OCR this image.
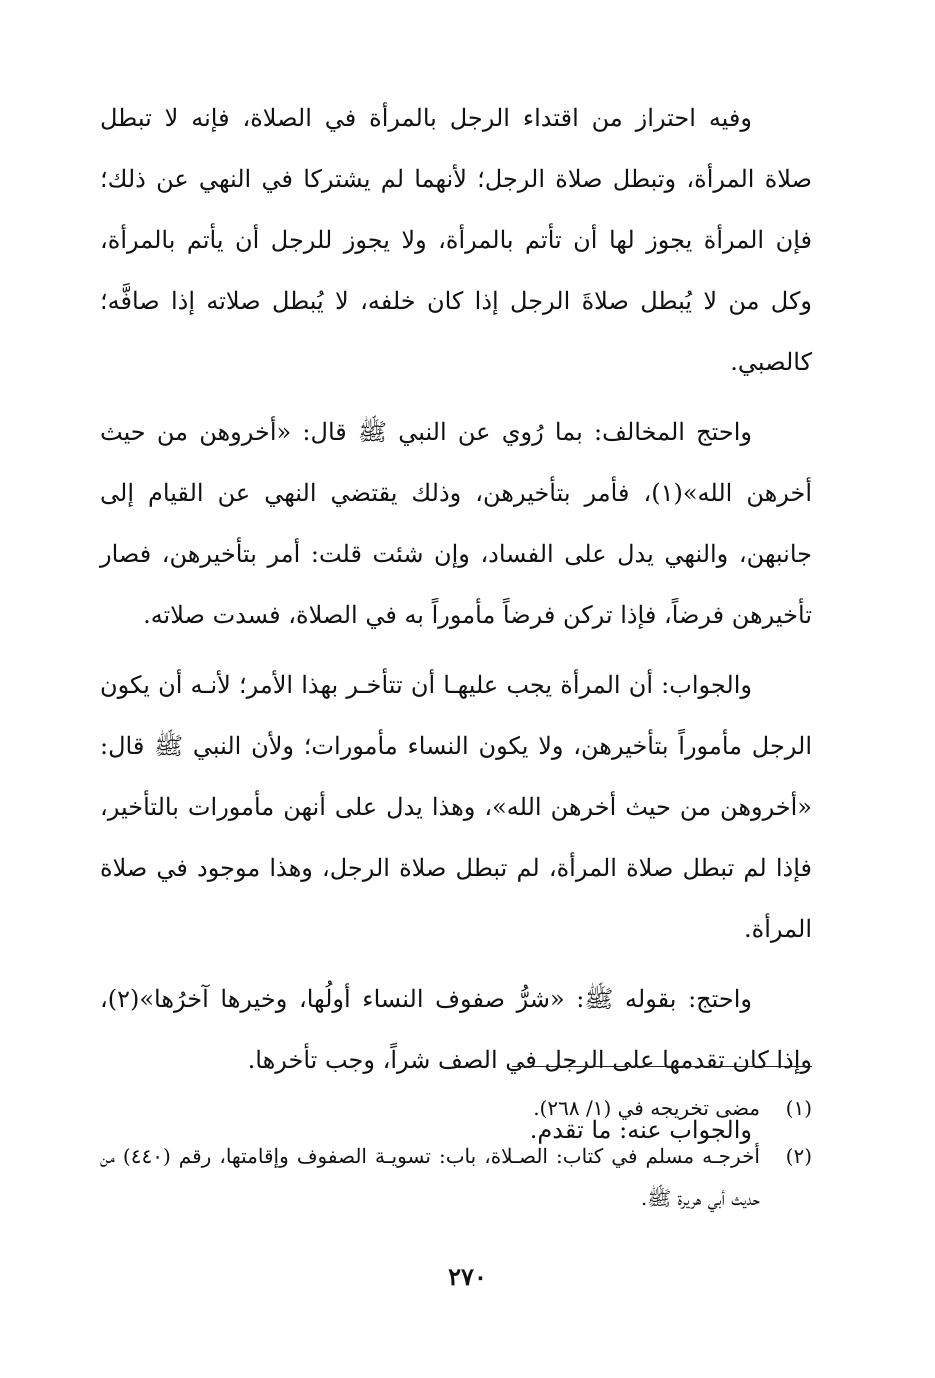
وفيه احتراز من اقتداء الرجل بالمرأة في الصلاة، فإنه لا تبطل صلاة المرأة، وتبطل صلاة الرجل؛ لأنهما لم يشتركا في النهي عن ذلك؛ فإن المرأة يجوز لها أن تأتم بالمرأة، ولا يجوز للرجل أن يأتم بالمرأة، وكل من لا يُبطل صلاةَ الرجل إذا كان خلفه، لا يُبطل صلاته إذا صافَّه؛ كالصبي.

واحتج المخالف: بما رُوي عن النبي ﷺ قال: «أخروهن من حيث أخرهن الله»(١)، فأمر بتأخيرهن، وذلك يقتضي النهي عن القيام إلى جانبهن، والنهي يدل على الفساد، وإن شئت قلت: أمر بتأخيرهن، فصار تأخيرهن فرضاً، فإذا تركن فرضاً مأموراً به في الصلاة، فسدت صلاته.

والجواب: أن المرأة يجب عليهـا أن تتأخـر بهذا الأمر؛ لأنـه أن يكون الرجل مأموراً بتأخيرهن، ولا يكون النساء مأمورات؛ ولأن النبي ﷺ قال: «أخروهن من حيث أخرهن الله»، وهذا يدل على أنهن مأمورات بالتأخير، فإذا لم تبطل صلاة المرأة، لم تبطل صلاة الرجل، وهذا موجود في صلاة المرأة.

واحتج: بقوله ﷺ: «شرُّ صفوف النساء أولُها، وخيرها آخرُها»(٢)، وإذا كان تقدمها على الرجل في الصف شراً، وجب تأخرها.

والجواب عنه: ما تقدم.

(١)
مضى تخريجه في (١/ ٢٦٨).
(٢)
أخرجـه مسلم في كتاب: الصـلاة، باب: تسويـة الصفوف وإقامتها، رقم (٤٤٠) من حديث أبي هريرة ﷺ.
٢٧٠
